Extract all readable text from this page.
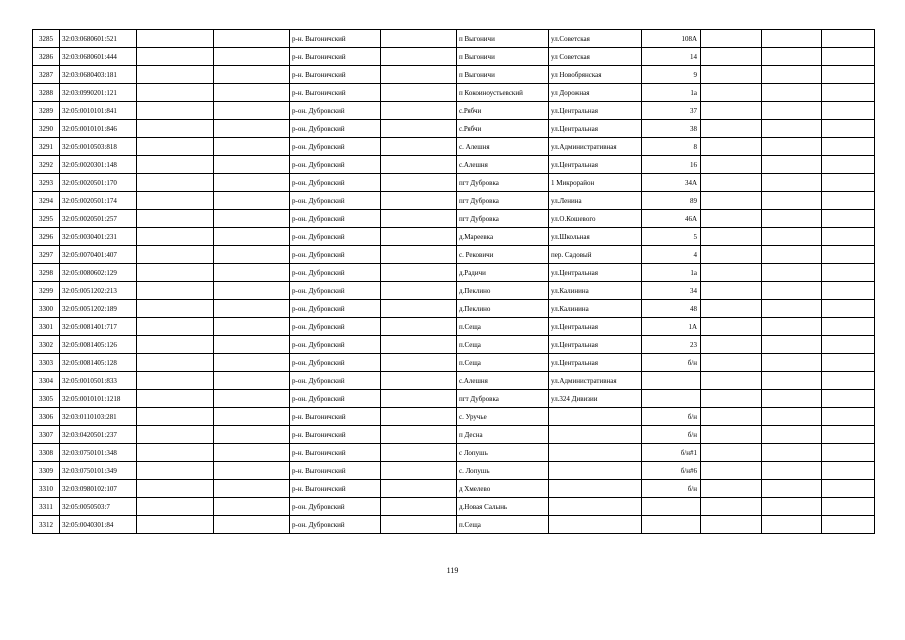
3285	32:03:0680601:521			р-н. Выгоничский		п Выгоничи	ул.Советская	108А			
3286	32:03:0680601:444			р-н. Выгоничский		п Выгоничи	ул Советская	14			
3287	32:03:0680403:181			р-н. Выгоничский		п Выгоничи	ул Новобрянская	9			
3288	32:03:0990201:121			р-н. Выгоничский		п Кокоиноустьевский	ул Дорожная	1а			
3289	32:05:0010101:841			р-он. Дубровский		с.Рябчи	ул.Центральная	37			
3290	32:05:0010101:846			р-он. Дубровский		с.Рябчи	ул.Центральная	38			
3291	32:05:0010503:818			р-он. Дубровский		с. Алешня	ул.Административная	8			
3292	32:05:0020301:148			р-он. Дубровский		с.Алешня	ул.Центральная	16			
3293	32:05:0020501:170			р-он. Дубровский		пгт Дубровка	1 Микрорайон	34А			
3294	32:05:0020501:174			р-он. Дубровский		пгт Дубровка	ул.Ленина	89			
3295	32:05:0020501:257			р-он. Дубровский		пгт Дубровка	ул.О.Кошевого	46А			
3296	32:05:0030401:231			р-он. Дубровский		д.Мареевка	ул.Школьная	5			
3297	32:05:0070401:407			р-он. Дубровский		с. Рековичи	пер. Садовый	4			
3298	32:05:0080602:129			р-он. Дубровский		д.Радичи	ул.Центральная	1а			
3299	32:05:0051202:213			р-он. Дубровский		д.Пеклино	ул.Калинина	34			
3300	32:05:0051202:189			р-он. Дубровский		д.Пеклино	ул.Калинина	48			
3301	32:05:0081401:717			р-он. Дубровский		п.Сеща	ул.Центральная	1А			
3302	32:05:0081405:126			р-он. Дубровский		п.Сеща	ул.Центральная	23			
3303	32:05:0081405:128			р-он. Дубровский		п.Сеща	ул.Центральная	б/н			
3304	32:05:0010501:833			р-он. Дубровский		с.Алешня	ул.Административная				
3305	32:05:0010101:1218			р-он. Дубровский		пгт Дубровка	ул.324 Дивизии				
3306	32:03:0110103:281			р-н. Выгоничский		с. Уручье		б/н			
3307	32:03:0420501:237			р-н. Выгоничский		п Десна		б/н			
3308	32:03:0750101:348			р-н. Выгоничский		с Лопушь		б/н#1			
3309	32:03:0750101:349			р-н. Выгоничский		с. Лопушь		б/н#6			
3310	32:03:0980102:107			р-н. Выгоничский		д Хмелево		б/н			
3311	32:05:0050503:7			р-он. Дубровский		д.Новая Салынь					
3312	32:05:0040301:84			р-он. Дубровский		п.Сеща					
119
